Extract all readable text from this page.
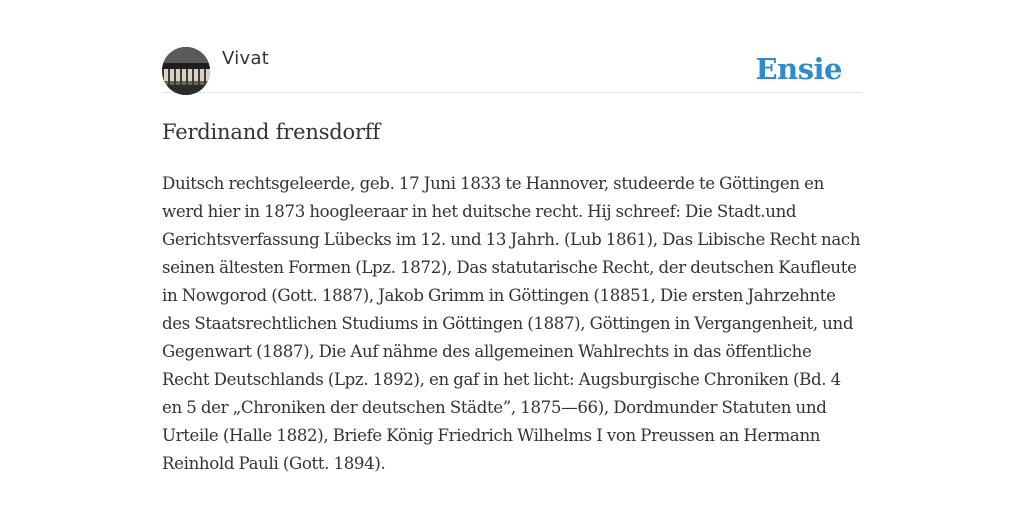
Vivat	Ensie
Ferdinand frensdorff

Duitsch rechtsgeleerde, geb. 17 Juni 1833 te Hannover, studeerde te Göttingen en werd hier in 1873 hoogleeraar in het duitsche recht. Hij schreef: Die Stadt.und Gerichtsverfassung Lübecks im 12. und 13 Jahrh. (Lub 1861), Das Libische Recht nach seinen ältesten Formen (Lpz. 1872), Das statutarische Recht, der deutschen Kaufleute in Nowgorod (Gott. 1887), Jakob Grimm in Göttingen (18851, Die ersten Jahrzehnte des Staatsrechtlichen Studiums in Göttingen (1887), Göttingen in Vergangenheit, und Gegenwart (1887), Die Auf nähme des allgemeinen Wahlrechts in das öffentliche Recht Deutschlands (Lpz. 1892), en gaf in het licht: Augsburgische Chroniken (Bd. 4 en 5 der „Chroniken der deutschen Städte”, 1875—66), Dordmunder Statuten und Urteile (Halle 1882), Briefe König Friedrich Wilhelms I von Preussen an Hermann Reinhold Pauli (Gott. 1894).
